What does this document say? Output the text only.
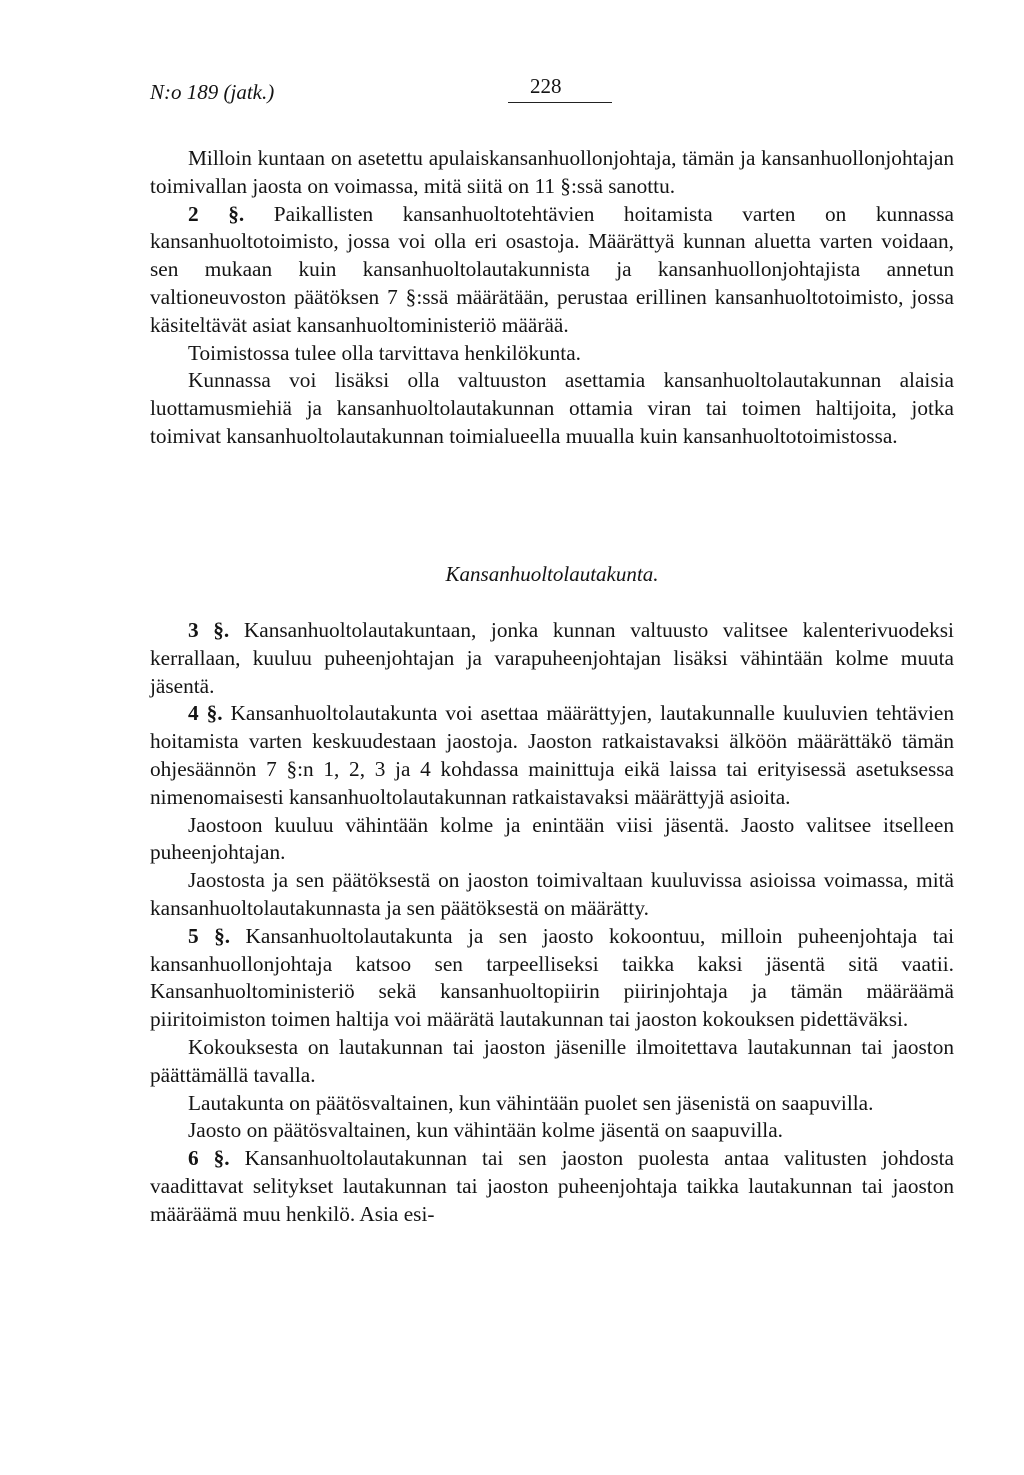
N:o 189 (jatk.)	228

Milloin kuntaan on asetettu apulaiskansanhuollonjohtaja, tämän ja kansanhuollonjohtajan toimivallan jaosta on voimassa, mitä siitä on 11 §:ssä sanottu.

2 §. Paikallisten kansanhuoltotehtävien hoitamista varten on kunnassa kansanhuoltotoimisto, jossa voi olla eri osastoja. Määrättyä kunnan aluetta varten voidaan, sen mukaan kuin kansanhuoltolautakunnista ja kansanhuollonjohtajista annetun valtioneuvoston päätöksen 7 §:ssä määrätään, perustaa erillinen kansanhuoltotoimisto, jossa käsiteltävät asiat kansanhuoltoministeriö määrää.

Toimistossa tulee olla tarvittava henkilökunta.

Kunnassa voi lisäksi olla valtuuston asettamia kansanhuoltolautakunnan alaisia luottamusmiehiä ja kansanhuoltolautakunnan ottamia viran tai toimen haltijoita, jotka toimivat kansanhuoltolautakunnan toimialueella muualla kuin kansanhuoltotoimistossa.

Kansanhuoltolautakunta.

3 §. Kansanhuoltolautakuntaan, jonka kunnan valtuusto valitsee kalenterivuodeksi kerrallaan, kuuluu puheenjohtajan ja varapuheenjohtajan lisäksi vähintään kolme muuta jäsentä.

4 §. Kansanhuoltolautakunta voi asettaa määrättyjen, lautakunnalle kuuluvien tehtävien hoitamista varten keskuudestaan jaostoja. Jaoston ratkaistavaksi älköön määrättäkö tämän ohjesäännön 7 §:n 1, 2, 3 ja 4 kohdassa mainittuja eikä laissa tai erityisessä asetuksessa nimenomaisesti kansanhuoltolautakunnan ratkaistavaksi määrättyjä asioita.

Jaostoon kuuluu vähintään kolme ja enintään viisi jäsentä. Jaosto valitsee itselleen puheenjohtajan.

Jaostosta ja sen päätöksestä on jaoston toimivaltaan kuuluvissa asioissa voimassa, mitä kansanhuoltolautakunnasta ja sen päätöksestä on määrätty.

5 §. Kansanhuoltolautakunta ja sen jaosto kokoontuu, milloin puheenjohtaja tai kansanhuollonjohtaja katsoo sen tarpeelliseksi taikka kaksi jäsentä sitä vaatii. Kansanhuoltoministeriö sekä kansanhuoltopiirin piirinjohtaja ja tämän määräämä piiritoimiston toimen haltija voi määrätä lautakunnan tai jaoston kokouksen pidettäväksi.

Kokouksesta on lautakunnan tai jaoston jäsenille ilmoitettava lautakunnan tai jaoston päättämällä tavalla.

Lautakunta on päätösvaltainen, kun vähintään puolet sen jäsenistä on saapuvilla.

Jaosto on päätösvaltainen, kun vähintään kolme jäsentä on saapuvilla.

6 §. Kansanhuoltolautakunnan tai sen jaoston puolesta antaa valitusten johdosta vaadittavat selitykset lautakunnan tai jaoston puheenjohtaja taikka lautakunnan tai jaoston määräämä muu henkilö. Asia esi-
